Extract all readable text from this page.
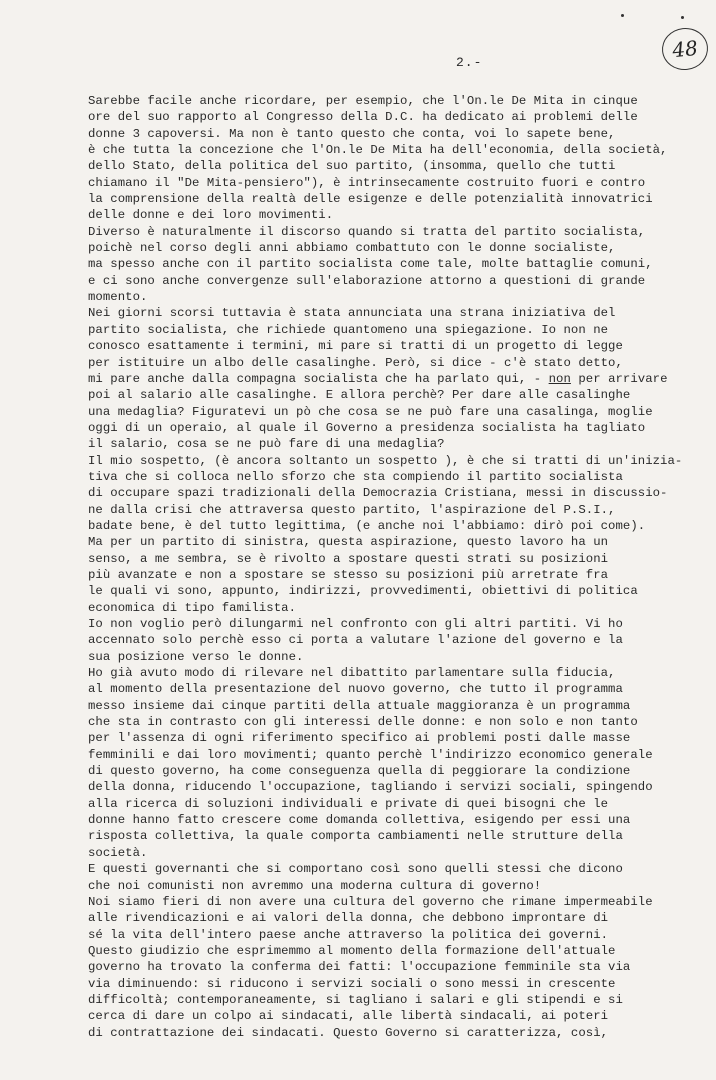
48
2.-
Sarebbe facile anche ricordare, per esempio, che l'On.le De Mita in cinque
ore del suo rapporto al Congresso della D.C. ha dedicato ai problemi delle
donne 3 capoversi. Ma non è tanto questo che conta, voi lo sapete bene,
è che tutta la concezione che l'On.le De Mita ha dell'economia, della società,
dello Stato, della politica del suo partito, (insomma, quello che tutti
chiamano il "De Mita-pensiero"), è intrinsecamente costruito fuori e contro
la comprensione della realtà delle esigenze e delle potenzialità innovatrici
delle donne e dei loro movimenti.
Diverso è naturalmente il discorso quando si tratta del partito socialista,
poichè nel corso degli anni abbiamo combattuto con le donne socialiste,
ma spesso anche con il partito socialista come tale, molte battaglie comuni,
e ci sono anche convergenze sull'elaborazione attorno a questioni di grande
momento.
Nei giorni scorsi tuttavia è stata annunciata una strana iniziativa del
partito socialista, che richiede quantomeno una spiegazione. Io non ne
conosco esattamente i termini, mi pare si tratti di un progetto di legge
per istituire un albo delle casalinghe. Però, si dice - c'è stato detto,
mi pare anche dalla compagna socialista che ha parlato qui, - non per arrivare
poi al salario alle casalinghe. E allora perchè? Per dare alle casalinghe
una medaglia? Figuratevi un pò che cosa se ne può fare una casalinga, moglie
oggi di un operaio, al quale il Governo a presidenza socialista ha tagliato
il salario, cosa se ne può fare di una medaglia?
Il mio sospetto, (è ancora soltanto un sospetto ), è che si tratti di un'inizia-
tiva che si colloca nello sforzo che sta compiendo il partito socialista
di occupare spazi tradizionali della Democrazia Cristiana, messi in discussio-
ne dalla crisi che attraversa questo partito, l'aspirazione del P.S.I.,
badate bene, è del tutto legittima, (e anche noi l'abbiamo: dirò poi come).
Ma per un partito di sinistra, questa aspirazione, questo lavoro ha un
senso, a me sembra, se è rivolto a spostare questi strati su posizioni
più avanzate e non a spostare se stesso su posizioni più arretrate fra
le quali vi sono, appunto, indirizzi, provvedimenti, obiettivi di politica
economica di tipo familista.
Io non voglio però dilungarmi nel confronto con gli altri partiti. Vi ho
accennato solo perchè esso ci porta a valutare l'azione del governo e la
sua posizione verso le donne.
Ho già avuto modo di rilevare nel dibattito parlamentare sulla fiducia,
al momento della presentazione del nuovo governo, che tutto il programma
messo insieme dai cinque partiti della attuale maggioranza è un programma
che sta in contrasto con gli interessi delle donne: e non solo e non tanto
per l'assenza di ogni riferimento specifico ai problemi posti dalle masse
femminili e dai loro movimenti; quanto perchè l'indirizzo economico generale
di questo governo, ha come conseguenza quella di peggiorare la condizione
della donna, riducendo l'occupazione, tagliando i servizi sociali, spingendo
alla ricerca di soluzioni individuali e private di quei bisogni che le
donne hanno fatto crescere come domanda collettiva, esigendo per essi una
risposta collettiva, la quale comporta cambiamenti nelle strutture della
società.
E questi governanti che si comportano così sono quelli stessi che dicono
che noi comunisti non avremmo una moderna cultura di governo!
Noi siamo fieri di non avere una cultura del governo che rimane impermeabile
alle rivendicazioni e ai valori della donna, che debbono improntare di
sé la vita dell'intero paese anche attraverso la politica dei governi.
Questo giudizio che esprimemmo al momento della formazione dell'attuale
governo ha trovato la conferma dei fatti: l'occupazione femminile sta via
via diminuendo: si riducono i servizi sociali o sono messi in crescente
difficoltà; contemporaneamente, si tagliano i salari e gli stipendi e si
cerca di dare un colpo ai sindacati, alle libertà sindacali, ai poteri
di contrattazione dei sindacati. Questo Governo si caratterizza, così,
